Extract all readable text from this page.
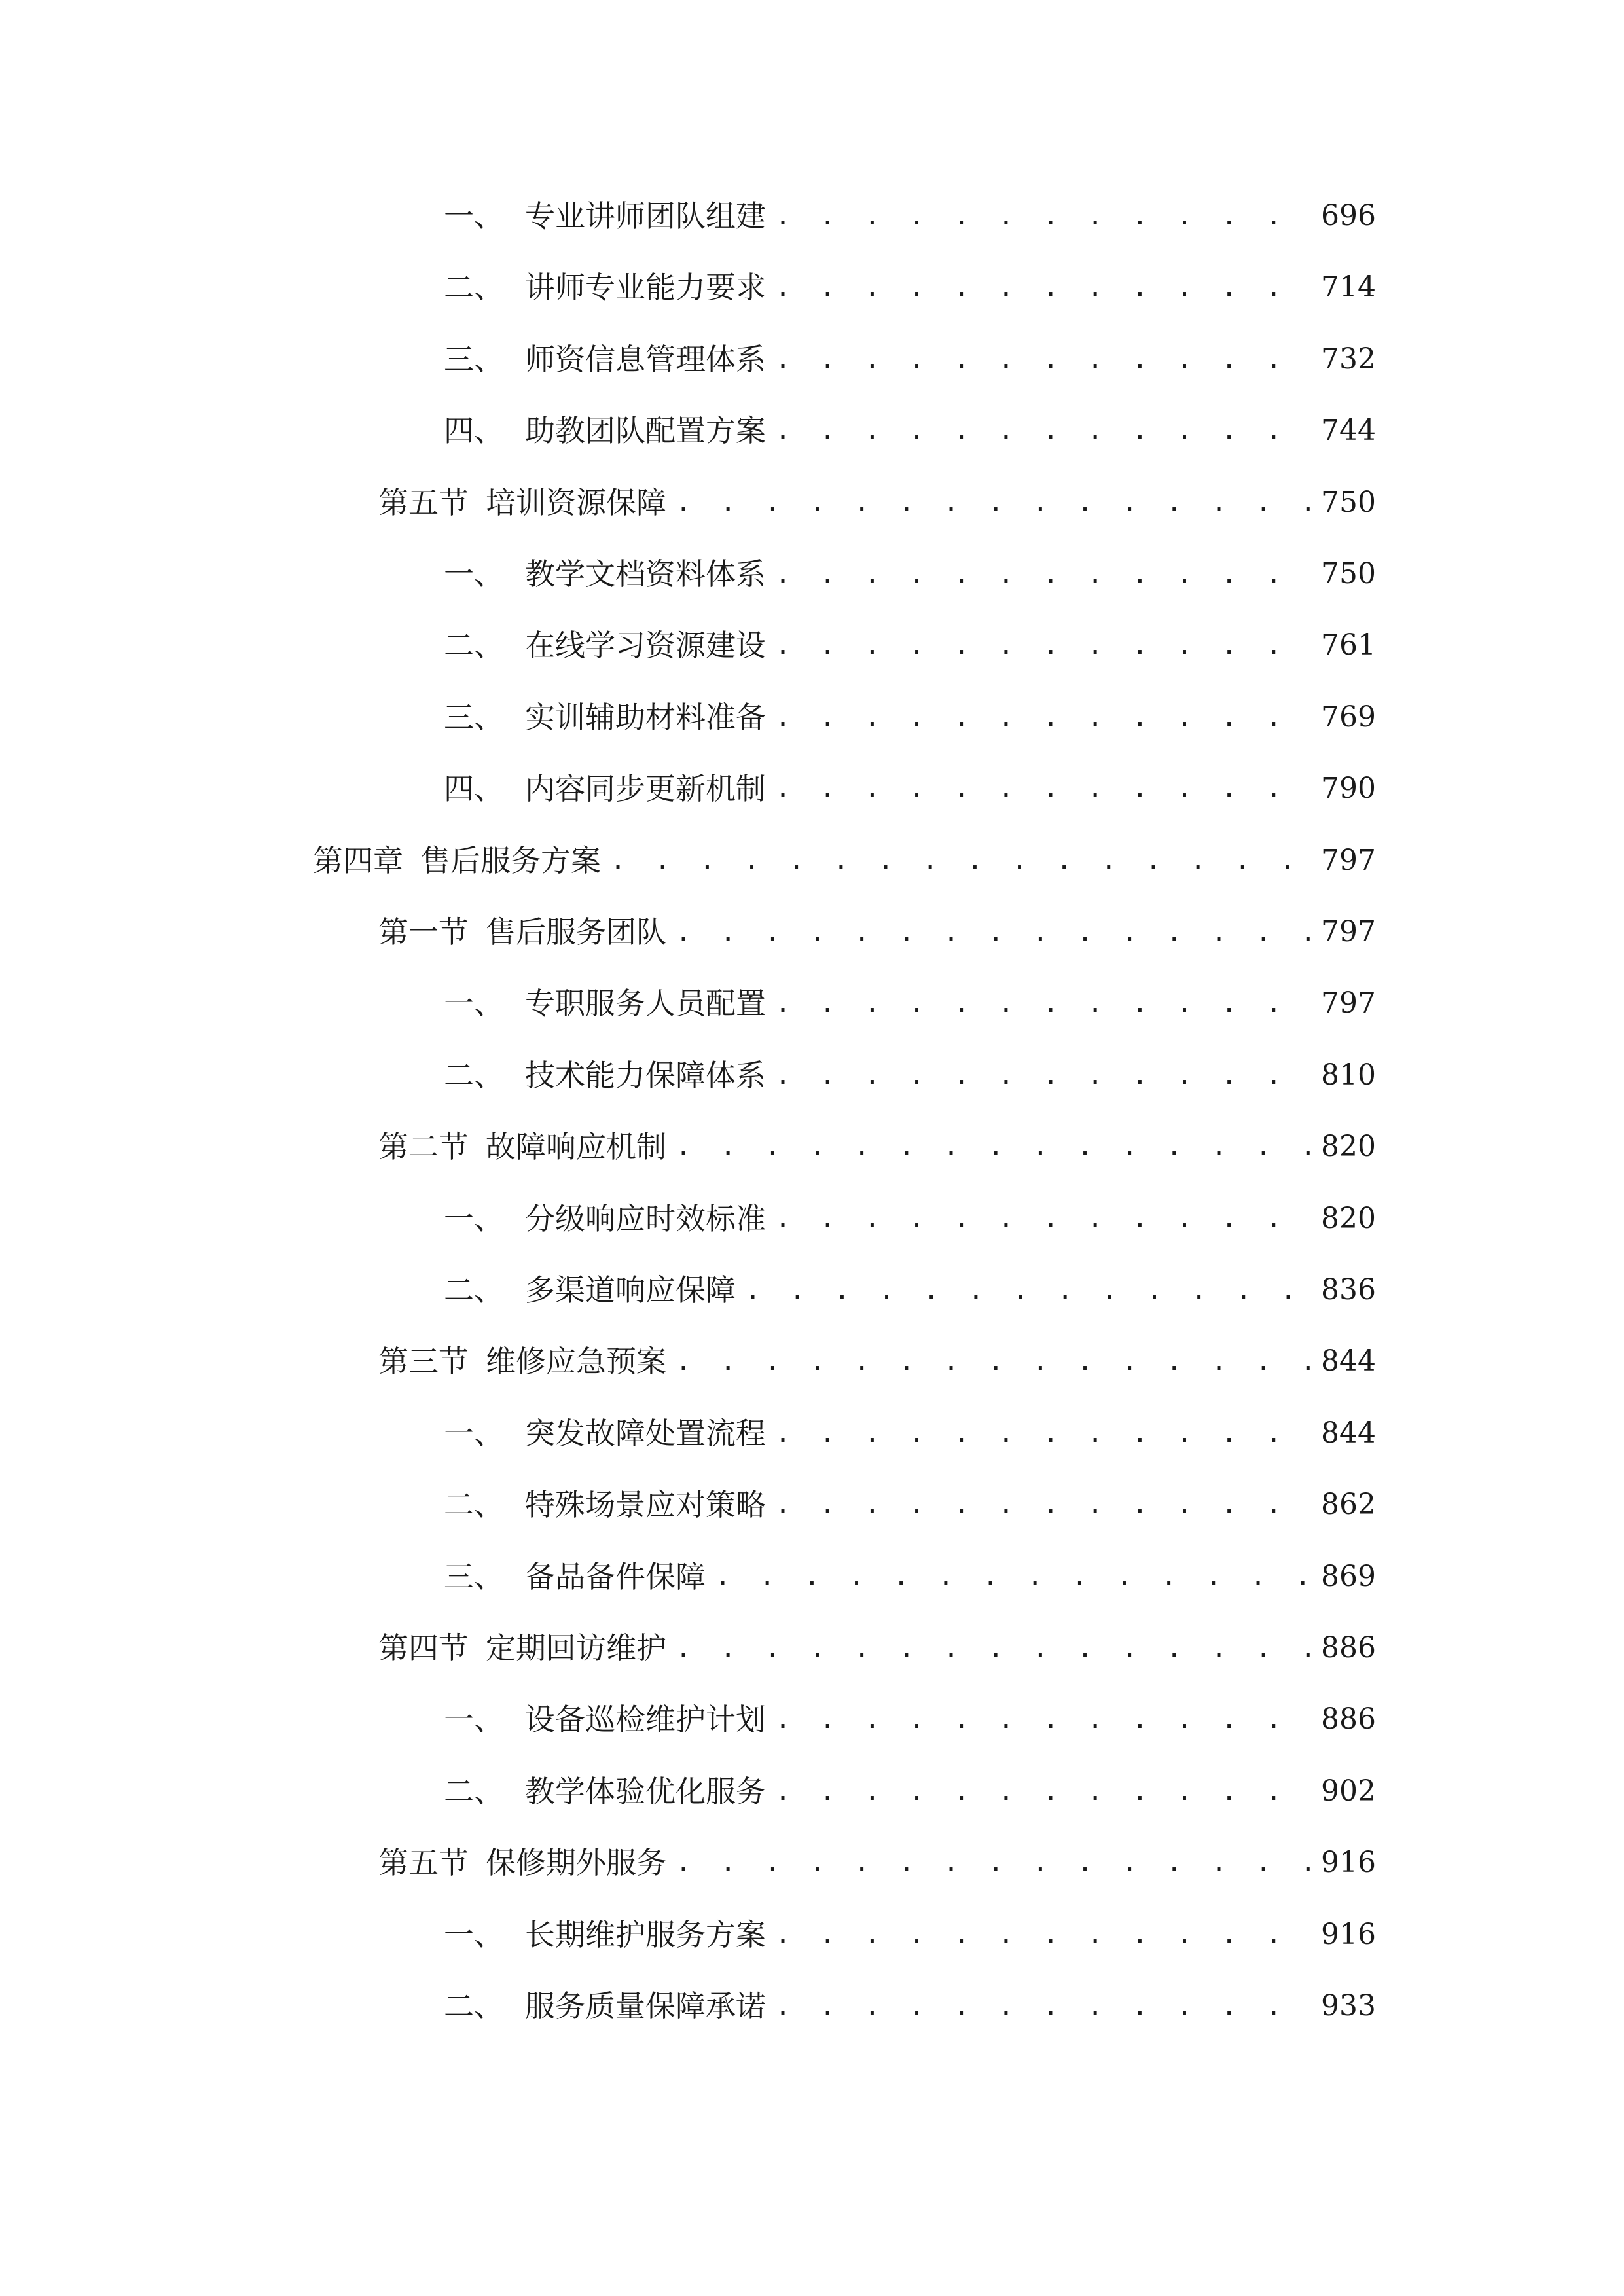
一、 专业讲师团队组建 . . .	696
二、 讲师专业能力要求 . . .	714
三、 师资信息管理体系 . . .	732
四、 助教团队配置方案 . . .	744
第五节 培训资源保障 . . .	750
一、 教学文档资料体系 . . .	750
二、 在线学习资源建设 . . .	761
三、 实训辅助材料准备 . . .	769
四、 内容同步更新机制 . . .	790
第四章 售后服务方案 . . .	797
第一节 售后服务团队 . . .	797
一、 专职服务人员配置 . . .	797
二、 技术能力保障体系 . . .	810
第二节 故障响应机制 . . .	820
一、 分级响应时效标准 . . .	820
二、 多渠道响应保障 . . .	836
第三节 维修应急预案 . . .	844
一、 突发故障处置流程 . . .	844
二、 特殊场景应对策略 . . .	862
三、 备品备件保障 . . .	869
第四节 定期回访维护 . . .	886
一、 设备巡检维护计划 . . .	886
二、 教学体验优化服务 . . .	902
第五节 保修期外服务 . . .	916
一、 长期维护服务方案 . . .	916
二、 服务质量保障承诺 . . .	933
